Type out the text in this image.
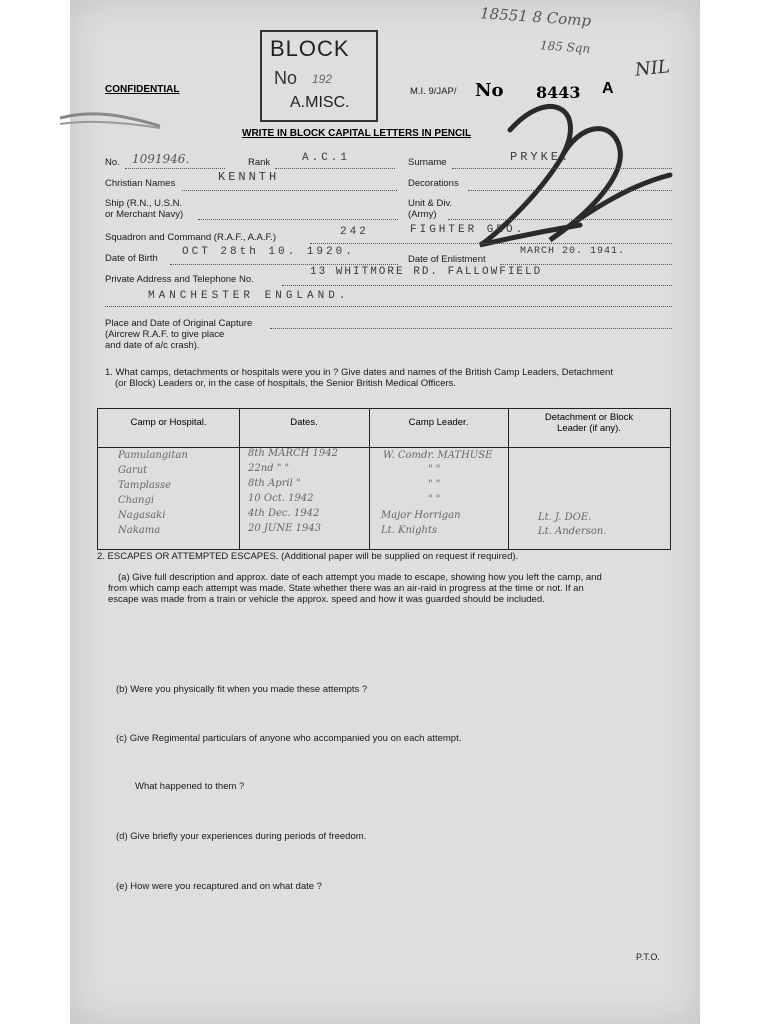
18551 8 Comp
185 Sqn
NIL
BLOCK
No 192
A.MISC.
CONFIDENTIAL	M.I. 9/JAP/ No 8443 A
WRITE IN BLOCK CAPITAL LETTERS IN PENCIL
22
No. 1091946.	Rank	A.C.1	Surname	PRYKE.
Christian Names	KENNTH	Decorations
Ship (R.N., U.S.N.
or Merchant Navy)
Unit & Div.
(Army)
Squadron and Command (R.A.F., A.A.F.)	242	FIGHTER GRO.
Date of Birth
OCT 28th 10. 1920.
Date of Enlistment
MARCH 20. 1941.
Private Address and Telephone No.
13 WHITMORE RD. FALLOWFIELD
MANCHESTER ENGLAND.
Place and Date of Original Capture
(Aircrew R.A.F. to give place
and date of a/c crash).
1. What camps, detachments or hospitals were you in ? Give dates and names of the British Camp Leaders, Detachment
(or Block) Leaders or, in the case of hospitals, the Senior British Medical Officers.
Camp or Hospital.	Dates.	Camp Leader.	Detachment or Block
Leader (if any).
Pamulangitan	8th MARCH 1942	W. Comdr. MATHUSE
Garut	22nd " "	" "
Tamplasse	8th April "	" "
Changi	10 Oct. 1942	" "
Nagasaki	4th Dec. 1942	Major Horrigan	Lt. J. DOE.
Nakama	20 JUNE 1943	Lt. Knights	Lt. Anderson.
2. ESCAPES OR ATTEMPTED ESCAPES. (Additional paper will be supplied on request if required).
(a) Give full description and approx. date of each attempt you made to escape, showing how you left the camp, and
from which camp each attempt was made. State whether there was an air-raid in progress at the time or not. If an
escape was made from a train or vehicle the approx. speed and how it was guarded should be included.
(b) Were you physically fit when you made these attempts ?
(c) Give Regimental particulars of anyone who accompanied you on each attempt.
What happened to them ?
(d) Give briefly your experiences during periods of freedom.
(e) How were you recaptured and on what date ?
P.T.O.
